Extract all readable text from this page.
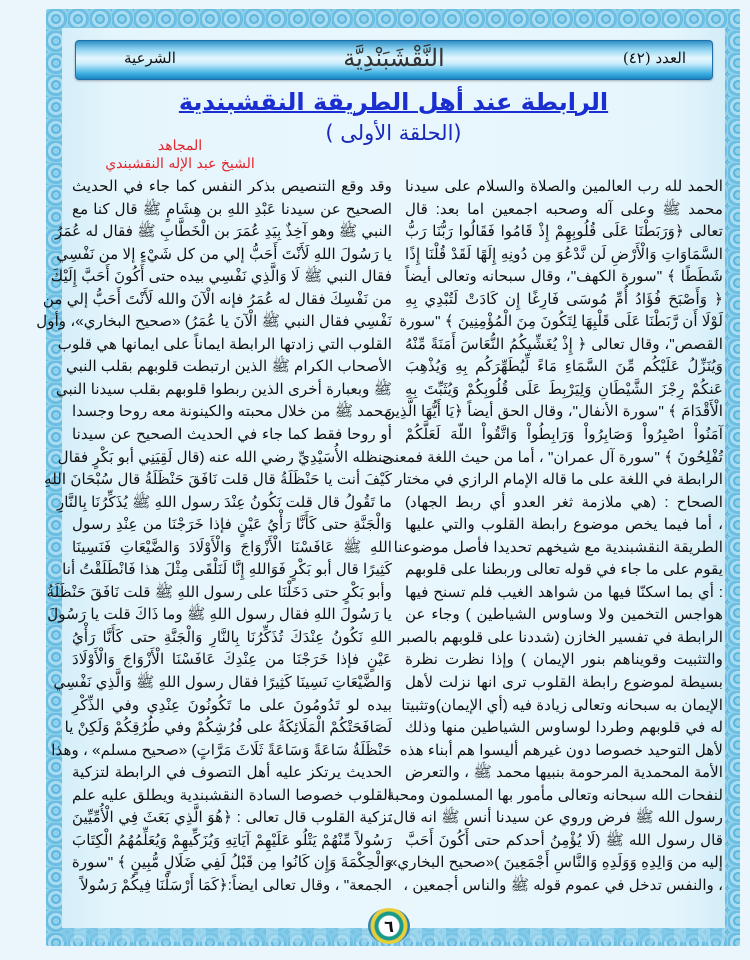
الشرعية	النَّقْشَبَنْدِيَّة	العدد (٤٢)
الرابطة عند أهل الطريقة النقشبندية
(الحلقة الأولى )
المجاهد
الشيخ عبد الإله النقشبندي
الحمد لله رب العالمين والصلاة والسلام على سيدنا
محمد ﷺ وعلى آله وصحبه اجمعين اما بعد: قال
تعالى ﴿وَرَبَطْنَا عَلَى قُلُوبِهِمْ إِذْ قَامُوا فَقَالُوا رَبُّنَا رَبُّ
السَّمَاوَاتِ وَالْأَرْضِ لَن نَّدْعُوَ مِن دُونِهِ إِلَهًا لَقَدْ قُلْنَا إِذًا
شَطَطًا ﴾ "سورة الكهف"، وقال سبحانه وتعالى أيضاً
﴿ وَأَصْبَحَ فُؤَادُ أُمِّ مُوسَى فَارِغًا إِن كَادَتْ لَتُبْدِي بِهِ
لَوْلَا أَن رَّبَطْنَا عَلَى قَلْبِهَا لِتَكُونَ مِنَ الْمُؤْمِنِينَ ﴾ "سورة
القصص"، وقال تعالى ﴿ إِذْ يُغَشِّيكُمُ النُّعَاسَ أَمَنَةً مِّنْهُ
وَيُنَزِّلُ عَلَيْكُم مِّنَ السَّمَاءِ مَاءً لِّيُطَهِّرَكُم بِهِ وَيُذْهِبَ
عَنكُمْ رِجْزَ الشَّيْطَانِ وَلِيَرْبِطَ عَلَى قُلُوبِكُمْ وَيُثَبِّتَ بِهِ
الْأَقْدَامَ ﴾ "سورة الأنفال"، وقال الحق أيضاً ﴿يَا أَيُّهَا الَّذِينَ
آمَنُواْ اصْبِرُواْ وَصَابِرُواْ وَرَابِطُواْ وَاتَّقُواْ اللّهَ لَعَلَّكُمْ
تُفْلِحُونَ ﴾ "سورة آل عمران" ، أما من حيث اللغة فمعنى
الرابطة في اللغة على ما قاله الإمام الرازي في مختار
الصحاح : (هي ملازمة ثغر العدو أي ربط الجهاد)
، أما فيما يخص موضوع رابطة القلوب والتي عليها
الطريقة النقشبندية مع شيخهم تحديدا فأصل موضوعنا
يقوم على ما جاء في قوله تعالى وربطنا على قلوبهم
: أي بما اسكنّا فيها من شواهد الغيب فلم تسنح فيها
هواجس التخمين ولا وساوس الشياطين ) وجاء عن
الرابطة في تفسير الخازن (شددنا على قلوبهم بالصبر
والتثبيت وقويناهم بنور الإيمان ) وإذا نظرت نظرة
بسيطة لموضوع رابطة القلوب ترى انها نزلت لأهل
الإيمان به سبحانه وتعالى زيادة فيه (أي الإيمان)وتثبيتا
له في قلوبهم وطردا لوساوس الشياطين منها وذلك
لأهل التوحيد خصوصا دون غيرهم أليسوا هم أبناء هذه
الأمة المحمدية المرحومة بنبيها محمد ﷺ ، والتعرض
لنفحات الله سبحانه وتعالى مأمور بها المسلمون ومحبة
رسول الله ﷺ فرض وروي عن سيدنا أنس ﷺ انه قال:
قال رسول الله ﷺ (لَا يُؤْمِنُ أحدكم حتى أَكُونَ أَحَبَّ
إليه من وَالِدِهِ وَوَلَدِهِ وَالنَّاسِ أَجْمَعِينَ )«صحيح البخاري»
، والنفس تدخل في عموم قوله ﷺ والناس أجمعين ،
وقد وقع التنصيص بذكر النفس كما جاء في الحديث
الصحيح عن سيدنا عَبْدِ اللهِ بن هِشَامٍ ﷺ قال كنا مع
النبي ﷺ وهو آخِذٌ بِيَدِ عُمَرَ بن الْخَطَّابِ ﷺ فقال له عُمَرُ
يا رَسُولَ اللهِ لَأَنْتَ أَحَبُّ إلي من كل شَيْءٍ إلا من نَفْسِي
فقال النبي ﷺ لَا وَالَّذِي نَفْسِي بيده حتى أَكُونَ أَحَبَّ إِلَيْكَ
من نَفْسِكَ فقال له عُمَرُ فإنه الْآنَ والله لَأَنْتَ أَحَبُّ إلي من
نَفْسِي فقال النبي ﷺ الْآنَ يا عُمَرُ) «صحيح البخاري»، وأول
القلوب التي زادتها الرابطة ايماناً على ايمانها هي قلوب
الأصحاب الكرام ﷺ الذين ارتبطت قلوبهم بقلب النبي
ﷺ وبعبارة أخرى الذين ربطوا قلوبهم بقلب سيدنا النبي
محمد ﷺ من خلال محبته والكينونة معه روحا وجسدا
أو روحا فقط كما جاء في الحديث الصحيح عن سيدنا
حنظله الأُسَيْدِيِّ رضي الله عنه (قال لَقِيَنِي أبو بَكْرٍ فقال
كَيْفَ أنت يا حَنْظَلَةُ قال قلت نَافَقَ حَنْظَلَةُ قال سُبْحَانَ اللهِ
ما تَقُولُ قال قلت نَكُونُ عِنْدَ رسول اللهِ ﷺ يُذَكِّرُنَا بِالنَّارِ
وَالْجَنَّةِ حتى كَأَنَّا رَأْيُ عَيْنٍ فإذا خَرَجْنَا من عِنْدِ رسول
اللهِ ﷺ عَافَسْنَا الْأَزْوَاجَ وَالْأَوْلَادَ وَالضَّيْعَاتِ فَنَسِينَا
كَثِيرًا قال أبو بَكْرٍ فَوَاللهِ إِنَّا لَنَلْقَى مِثْلَ هذا فَانْطَلَقْتُ أنا
وأبو بَكْرٍ حتى دَخَلْنَا على رسول اللهِ ﷺ قلت نَافَقَ حَنْظَلَةُ
يا رَسُولَ اللهِ فقال رسول اللهِ ﷺ وما ذَاكَ قلت يا رَسُولَ
اللهِ نَكُونُ عِنْدَكَ تُذَكِّرُنَا بِالنَّارِ وَالْجَنَّةِ حتى كَأَنَّا رَأْيُ
عَيْنٍ فإذا خَرَجْنَا من عِنْدِكَ عَافَسْنَا الْأَزْوَاجَ وَالْأَوْلَادَ
وَالضَّيْعَاتِ نَسِينَا كَثِيرًا فقال رسول اللهِ ﷺ وَالَّذِي نَفْسِي
بيده لو تَدُومُونَ على ما تَكُونُونَ عِنْدِي وفي الذِّكْرِ
لَصَافَحَتْكُمْ الْمَلَائِكَةُ على فُرُشِكُمْ وفي طُرُقِكُمْ وَلَكِنْ يا
حَنْظَلَةُ سَاعَةً وَسَاعَةً ثَلَاثَ مَرَّاتٍ) «صحيح مسلم» ، وهذا
الحديث يرتكز عليه أهل التصوف في الرابطة لتزكية
القلوب خصوصا السادة النقشبندية ويطلق عليه علم
تزكية القلوب قال تعالى : ﴿هُوَ الَّذِي بَعَثَ فِي الْأُمِّيِّينَ
رَسُولاً مِّنْهُمْ يَتْلُو عَلَيْهِمْ آيَاتِهِ وَيُزَكِّيهِمْ وَيُعَلِّمُهُمُ الْكِتَابَ
وَالْحِكْمَةَ وَإِن كَانُوا مِن قَبْلُ لَفِي ضَلَالٍ مُّبِينٍ ﴾ "سورة
الجمعة" ، وقال تعالى ايضاً:﴿كَمَا أَرْسَلْنَا فِيكُمْ رَسُولاً
٦
